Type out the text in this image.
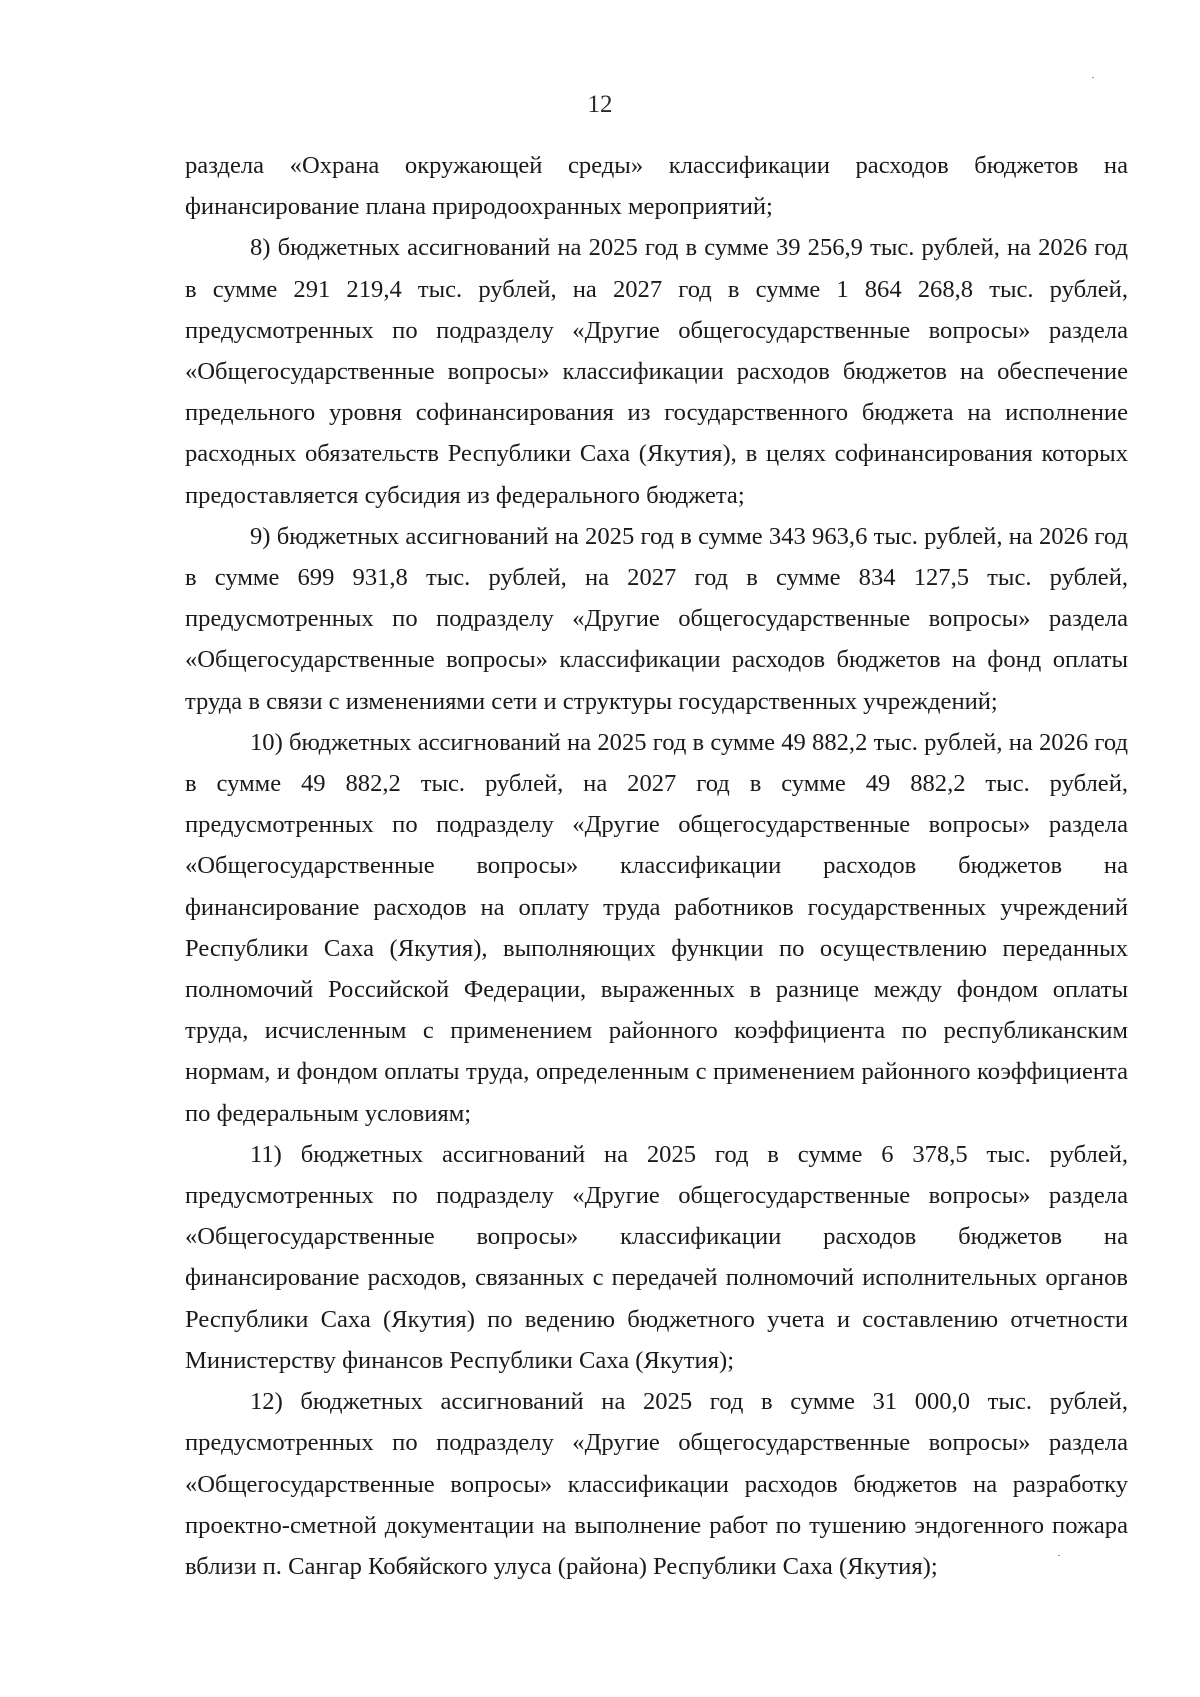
12

раздела «Охрана окружающей среды» классификации расходов бюджетов на финансирование плана природоохранных мероприятий;

8) бюджетных ассигнований на 2025 год в сумме 39 256,9 тыс. рублей, на 2026 год в сумме 291 219,4 тыс. рублей, на 2027 год в сумме 1 864 268,8 тыс. рублей, предусмотренных по подразделу «Другие общегосударственные вопросы» раздела «Общегосударственные вопросы» классификации расходов бюджетов на обеспечение предельного уровня софинансирования из государственного бюджета на исполнение расходных обязательств Республики Саха (Якутия), в целях софинансирования которых предоставляется субсидия из федерального бюджета;

9) бюджетных ассигнований на 2025 год в сумме 343 963,6 тыс. рублей, на 2026 год в сумме 699 931,8 тыс. рублей, на 2027 год в сумме 834 127,5 тыс. рублей, предусмотренных по подразделу «Другие общегосударственные вопросы» раздела «Общегосударственные вопросы» классификации расходов бюджетов на фонд оплаты труда в связи с изменениями сети и структуры государственных учреждений;

10) бюджетных ассигнований на 2025 год в сумме 49 882,2 тыс. рублей, на 2026 год в сумме 49 882,2 тыс. рублей, на 2027 год в сумме 49 882,2 тыс. рублей, предусмотренных по подразделу «Другие общегосударственные вопросы» раздела «Общегосударственные вопросы» классификации расходов бюджетов на финансирование расходов на оплату труда работников государственных учреждений Республики Саха (Якутия), выполняющих функции по осуществлению переданных полномочий Российской Федерации, выраженных в разнице между фондом оплаты труда, исчисленным с применением районного коэффициента по республиканским нормам, и фондом оплаты труда, определенным с применением районного коэффициента по федеральным условиям;

11) бюджетных ассигнований на 2025 год в сумме 6 378,5 тыс. рублей, предусмотренных по подразделу «Другие общегосударственные вопросы» раздела «Общегосударственные вопросы» классификации расходов бюджетов на финансирование расходов, связанных с передачей полномочий исполнительных органов Республики Саха (Якутия) по ведению бюджетного учета и составлению отчетности Министерству финансов Республики Саха (Якутия);

12) бюджетных ассигнований на 2025 год в сумме 31 000,0 тыс. рублей, предусмотренных по подразделу «Другие общегосударственные вопросы» раздела «Общегосударственные вопросы» классификации расходов бюджетов на разработку проектно-сметной документации на выполнение работ по тушению эндогенного пожара вблизи п. Сангар Кобяйского улуса (района) Республики Саха (Якутия);
